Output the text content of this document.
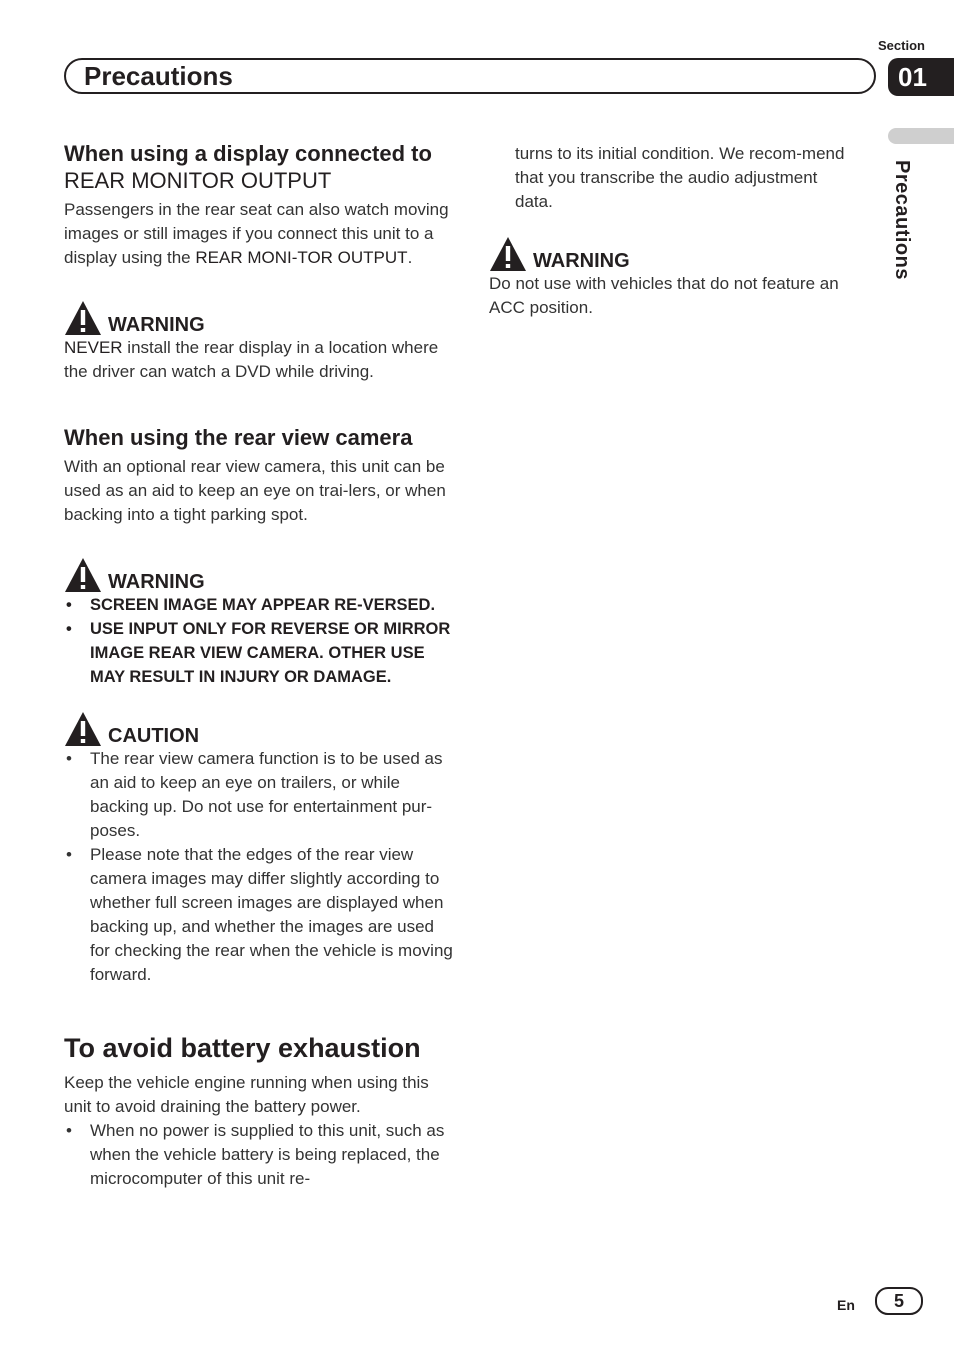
Section
Precautions	01
Precautions
When using a display connected to REAR MONITOR OUTPUT

Passengers in the rear seat can also watch moving images or still images if you connect this unit to a display using the REAR MONI-TOR OUTPUT.

WARNING

NEVER install the rear display in a location where the driver can watch a DVD while driving.

When using the rear view camera

With an optional rear view camera, this unit can be used as an aid to keep an eye on trai-lers, or when backing into a tight parking spot.

WARNING
• SCREEN IMAGE MAY APPEAR RE-VERSED.
• USE INPUT ONLY FOR REVERSE OR MIRROR IMAGE REAR VIEW CAMERA. OTHER USE MAY RESULT IN INJURY OR DAMAGE.
CAUTION
• The rear view camera function is to be used as an aid to keep an eye on trailers, or while backing up. Do not use for entertainment pur-poses.
• Please note that the edges of the rear view camera images may differ slightly according to whether full screen images are displayed when backing up, and whether the images are used for checking the rear when the vehicle is moving forward.
To avoid battery exhaustion

Keep the vehicle engine running when using this unit to avoid draining the battery power.

• When no power is supplied to this unit, such as when the vehicle battery is being replaced, the microcomputer of this unit re-

turns to its initial condition. We recom-mend that you transcribe the audio adjustment data.

WARNING

Do not use with vehicles that do not feature an ACC position.

En	5
